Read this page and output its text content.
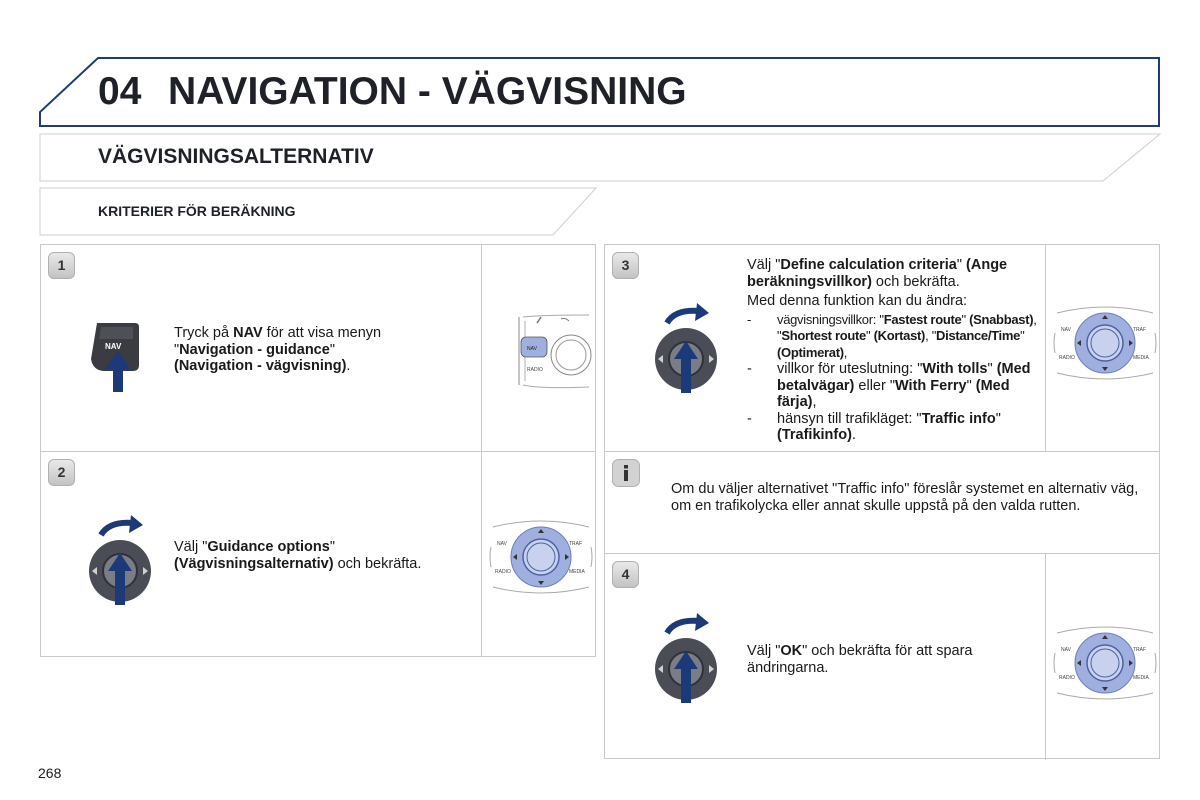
04 NAVIGATION - VÄGVISNING
VÄGVISNINGSALTERNATIV
KRITERIER FÖR BERÄKNING
1
NAV
Tryck på NAV för att visa menyn "Navigation - guidance"
(Navigation - vägvisning).
NAV
RADIO
2
Välj "Guidance options"
(Vägvisningsalternativ) och bekräfta.
NAV	TRAF
RADIO	MEDIA
3	Välj "Define calculation criteria" (Ange beräkningsvillkor) och bekräfta.
Med denna funktion kan du ändra:
- vägvisningsvillkor: "Fastest route" (Snabbast), "Shortest route" (Kortast), "Distance/Time" (Optimerat),
- villkor för uteslutning: "With tolls" (Med betalvägar) eller "With Ferry" (Med färja),
- hänsyn till trafikläget: "Traffic info" (Trafikinfo).
NAV	TRAF
RADIO	MEDIA
Om du väljer alternativet "Traffic info" föreslår systemet en alternativ väg, om en trafikolycka eller annat skulle uppstå på den valda rutten.
4
Välj "OK" och bekräfta för att spara ändringarna.
NAV	TRAF
RADIO	MEDIA
268
